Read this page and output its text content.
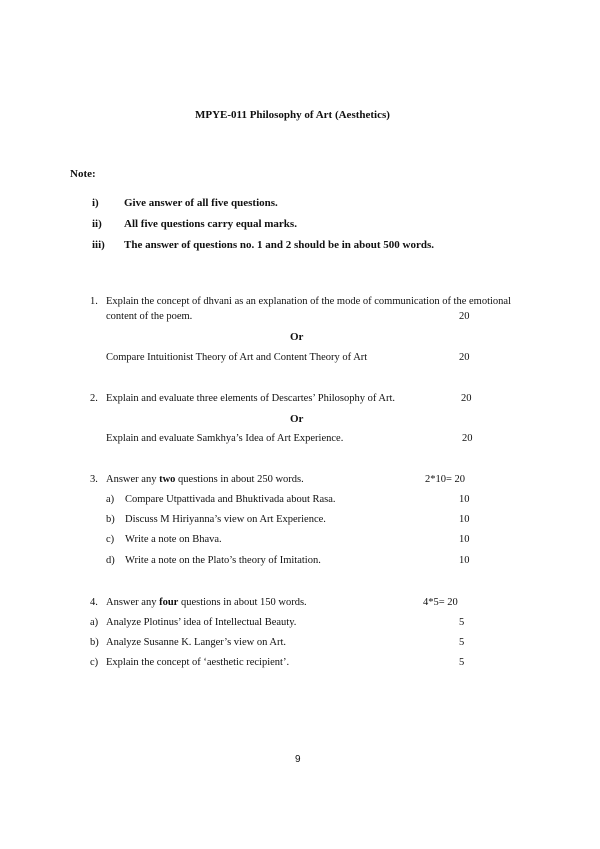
MPYE-011 Philosophy of Art (Aesthetics)
Note:
i) Give answer of all five questions.
ii) All five questions carry equal marks.
iii) The answer of questions no. 1 and 2 should be in about 500 words.
1. Explain the concept of dhvani as an explanation of the mode of communication of the emotional
content of the poem.	20
Or
Compare Intuitionist Theory of Art and Content Theory of Art	20
2. Explain and evaluate three elements of Descartes’ Philosophy of Art.	20
Or
Explain and evaluate Samkhya’s Idea of Art Experience.	20
3. Answer any two questions in about 250 words.	2*10= 20
a) Compare Utpattivada and Bhuktivada about Rasa.	10
b) Discuss M Hiriyanna’s view on Art Experience.	10
c) Write a note on Bhava.	10
d) Write a note on the Plato’s theory of Imitation.	10
4. Answer any four questions in about 150 words.	4*5= 20
a) Analyze Plotinus’ idea of Intellectual Beauty.	5
b) Analyze Susanne K. Langer’s view on Art.	5
c) Explain the concept of ‘aesthetic recipient’.	5
9
